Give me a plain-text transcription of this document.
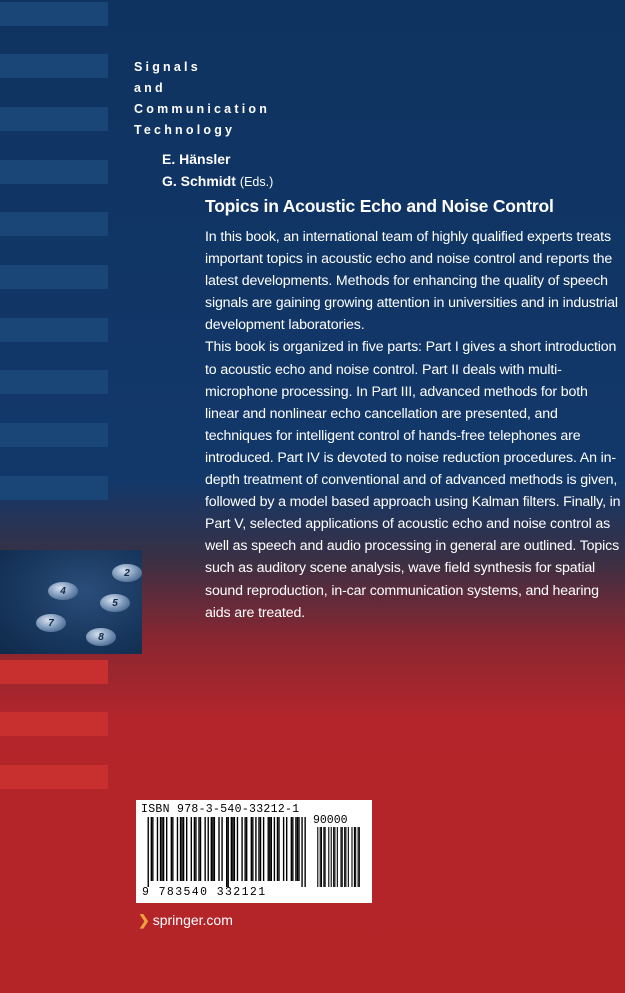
Signals
and
Communication
Technology
E. Hänsler
G. Schmidt (Eds.)
Topics in Acoustic Echo and Noise Control

In this book, an international team of highly qualified experts treats important topics in acoustic echo and noise control and reports the latest developments. Methods for enhancing the quality of speech signals are gaining growing attention in universities and in industrial development laboratories.

This book is organized in five parts: Part I gives a short introduction to acoustic echo and noise control. Part II deals with multi-microphone processing. In Part III, advanced methods for both linear and nonlinear echo cancellation are presented, and techniques for intelligent control of hands-free telephones are introduced. Part IV is devoted to noise reduction procedures. An in-depth treatment of conventional and of advanced methods is given, followed by a model based approach using Kalman filters. Finally, in Part V, selected applications of acoustic echo and noise control as well as speech and audio processing in general are outlined. Topics such as auditory scene analysis, wave field synthesis for spatial sound reproduction, in-car communication systems, and hearing aids are treated.

2
4
5
7
8
ISBN 978-3-540-33212-1
90000
9 783540 332121
❯ springer.com
